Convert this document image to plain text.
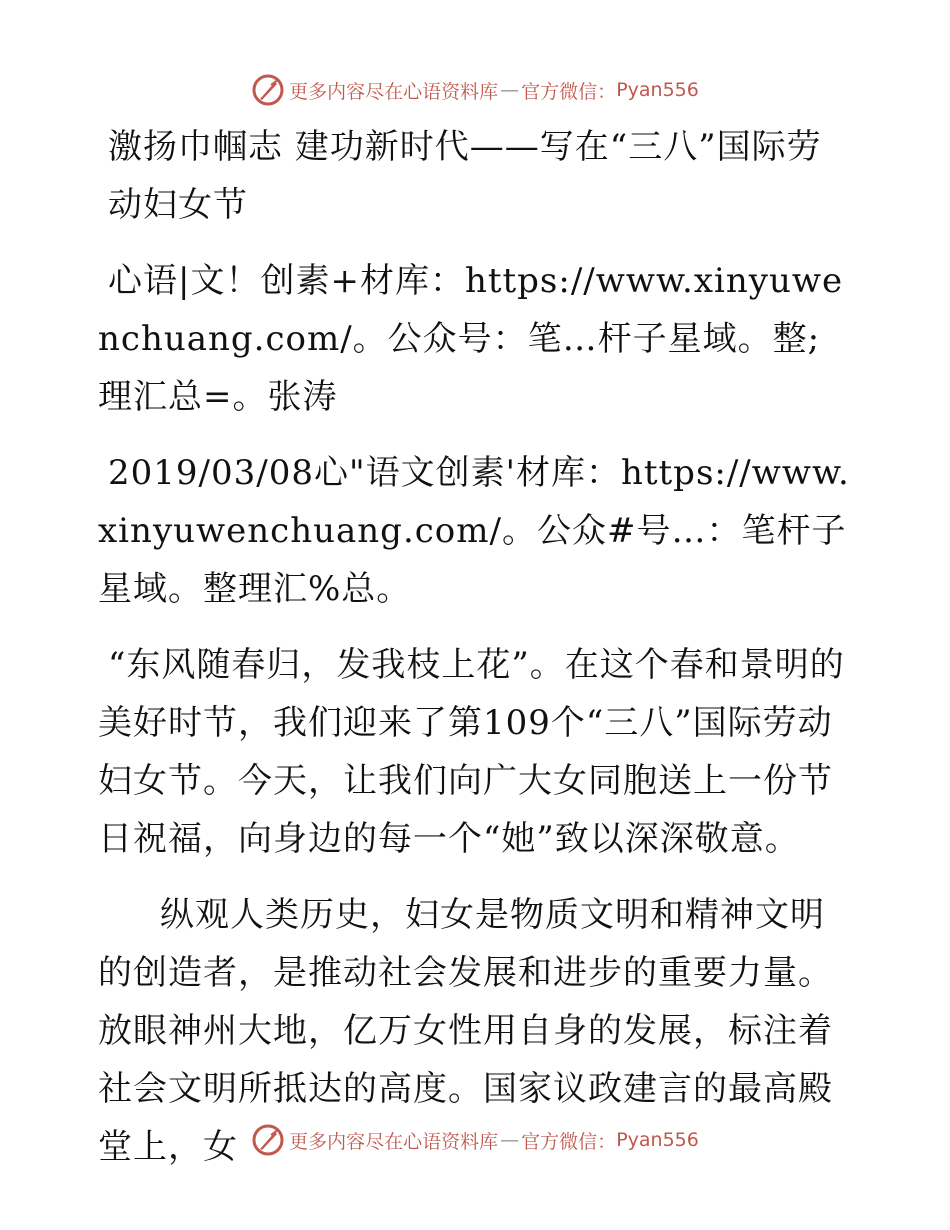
更多内容尽在心语资料库 — 官方微信： Pyan556

激扬巾帼志 建功新时代——写在“三八”国际劳动妇女节

心语|文！创素+材库：https://www.xinyuwenchuang.com/。公众号：笔…杆子星域。整;理汇总=。张涛

2019/03/08心"语文创素'材库：https://www.xinyuwenchuang.com/。公众#号…：笔杆子星域。整理汇%总。

“东风随春归，发我枝上花”。在这个春和景明的美好时节，我们迎来了第109个“三八”国际劳动妇女节。今天，让我们向广大女同胞送上一份节日祝福，向身边的每一个“她”致以深深敬意。

纵观人类历史，妇女是物质文明和精神文明的创造者，是推动社会发展和进步的重要力量。放眼神州大地，亿万女性用自身的发展，标注着社会文明所抵达的高度。国家议政建言的最高殿堂上，女	更多内容尽在心语资料库 — 官方微信： Pyan556
